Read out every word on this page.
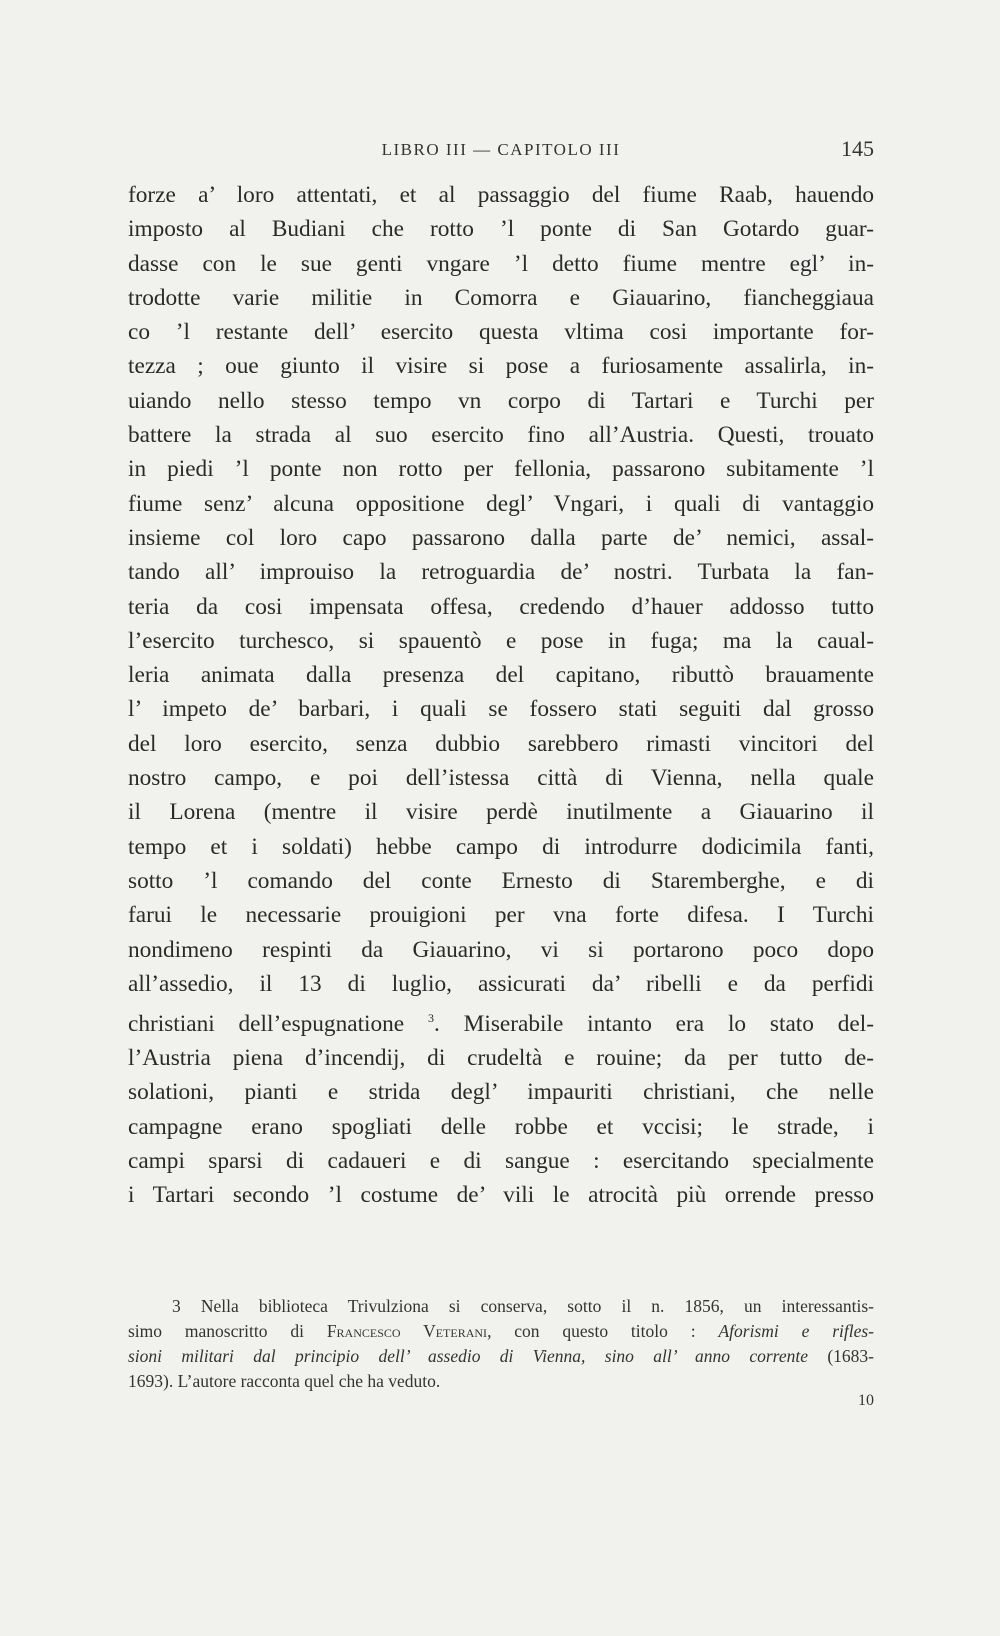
LIBRO III — CAPITOLO III	145
forze a’ loro attentati, et al passaggio del fiume Raab, hauendo
imposto al Budiani che rotto ’l ponte di San Gotardo guar-
dasse con le sue genti vngare ’l detto fiume mentre egl’ in-
trodotte varie militie in Comorra e Giauarino, fiancheggiaua
co ’l restante dell’ esercito questa vltima cosi importante for-
tezza ; oue giunto il visire si pose a furiosamente assalirla, in-
uiando nello stesso tempo vn corpo di Tartari e Turchi per
battere la strada al suo esercito fino all’Austria. Questi, trouato
in piedi ’l ponte non rotto per fellonia, passarono subitamente ’l
fiume senz’ alcuna oppositione degl’ Vngari, i quali di vantaggio
insieme col loro capo passarono dalla parte de’ nemici, assal-
tando all’ improuiso la retroguardia de’ nostri. Turbata la fan-
teria da cosi impensata offesa, credendo d’hauer addosso tutto
l’esercito turchesco, si spauentò e pose in fuga; ma la caual-
leria animata dalla presenza del capitano, ributtò brauamente
l’ impeto de’ barbari, i quali se fossero stati seguiti dal grosso
del loro esercito, senza dubbio sarebbero rimasti vincitori del
nostro campo, e poi dell’istessa città di Vienna, nella quale
il Lorena (mentre il visire perdè inutilmente a Giauarino il
tempo et i soldati) hebbe campo di introdurre dodicimila fanti,
sotto ’l comando del conte Ernesto di Staremberghe, e di
farui le necessarie prouigioni per vna forte difesa. I Turchi
nondimeno respinti da Giauarino, vi si portarono poco dopo
all’assedio, il 13 di luglio, assicurati da’ ribelli e da perfidi
christiani dell’espugnatione $^3$. Miserabile intanto era lo stato del-
l’Austria piena d’incendij, di crudeltà e rouine; da per tutto de-
solationi, pianti e strida degl’ impauriti christiani, che nelle
campagne erano spogliati delle robbe et vccisi; le strade, i
campi sparsi di cadaueri e di sangue : esercitando specialmente
i Tartari secondo ’l costume de’ vili le atrocità più orrende presso
3 Nella biblioteca Trivulziona si conserva, sotto il n. 1856, un interessantis-
simo manoscritto di Francesco Veterani, con questo titolo : Aforismi e rifles-
sioni militari dal principio dell’ assedio di Vienna, sino all’ anno corrente (1683-
1693). L’autore racconta quel che ha veduto.
10
